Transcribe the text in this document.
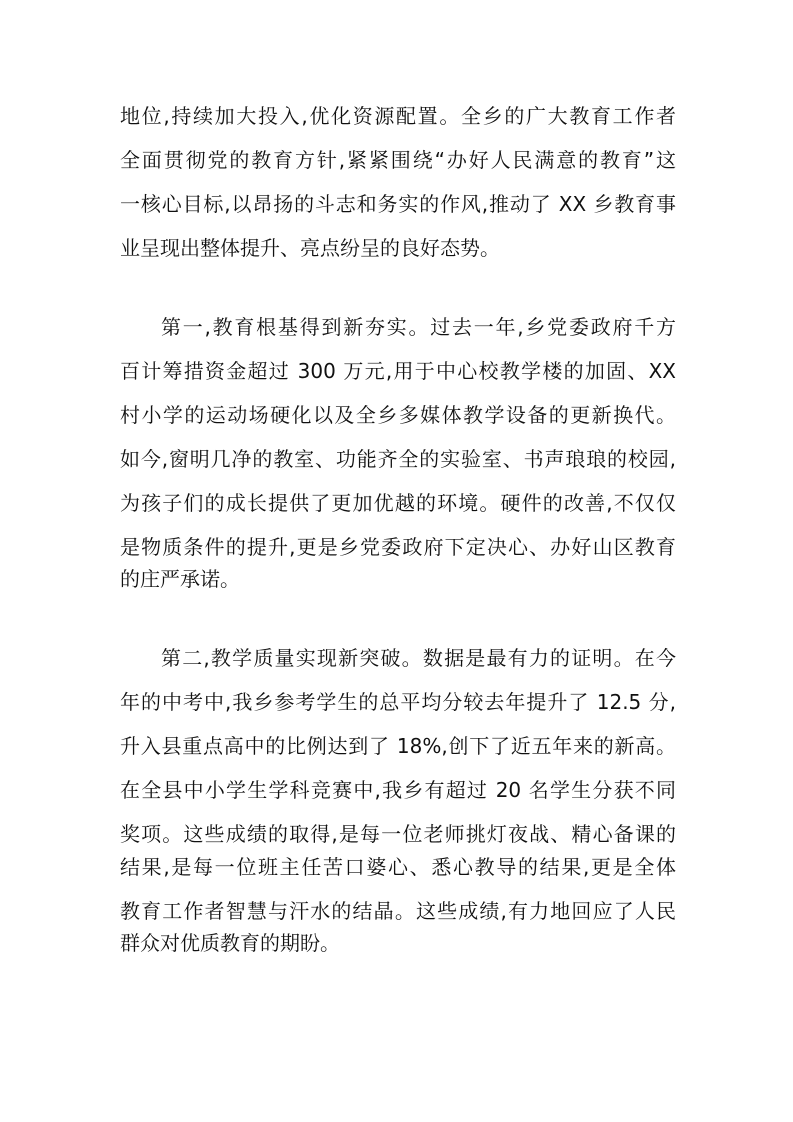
地位,持续加大投入,优化资源配置。全乡的广大教育工作者
全面贯彻党的教育方针,紧紧围绕“办好人民满意的教育”这
一核心目标,以昂扬的斗志和务实的作风,推动了 XX 乡教育事
业呈现出整体提升、亮点纷呈的良好态势。
第一,教育根基得到新夯实。过去一年,乡党委政府千方
百计筹措资金超过 300 万元,用于中心校教学楼的加固、XX
村小学的运动场硬化以及全乡多媒体教学设备的更新换代。
如今,窗明几净的教室、功能齐全的实验室、书声琅琅的校园,
为孩子们的成长提供了更加优越的环境。硬件的改善,不仅仅
是物质条件的提升,更是乡党委政府下定决心、办好山区教育
的庄严承诺。
第二,教学质量实现新突破。数据是最有力的证明。在今
年的中考中,我乡参考学生的总平均分较去年提升了 12.5 分,
升入县重点高中的比例达到了 18%,创下了近五年来的新高。
在全县中小学生学科竞赛中,我乡有超过 20 名学生分获不同
奖项。这些成绩的取得,是每一位老师挑灯夜战、精心备课的
结果,是每一位班主任苦口婆心、悉心教导的结果,更是全体
教育工作者智慧与汗水的结晶。这些成绩,有力地回应了人民
群众对优质教育的期盼。
